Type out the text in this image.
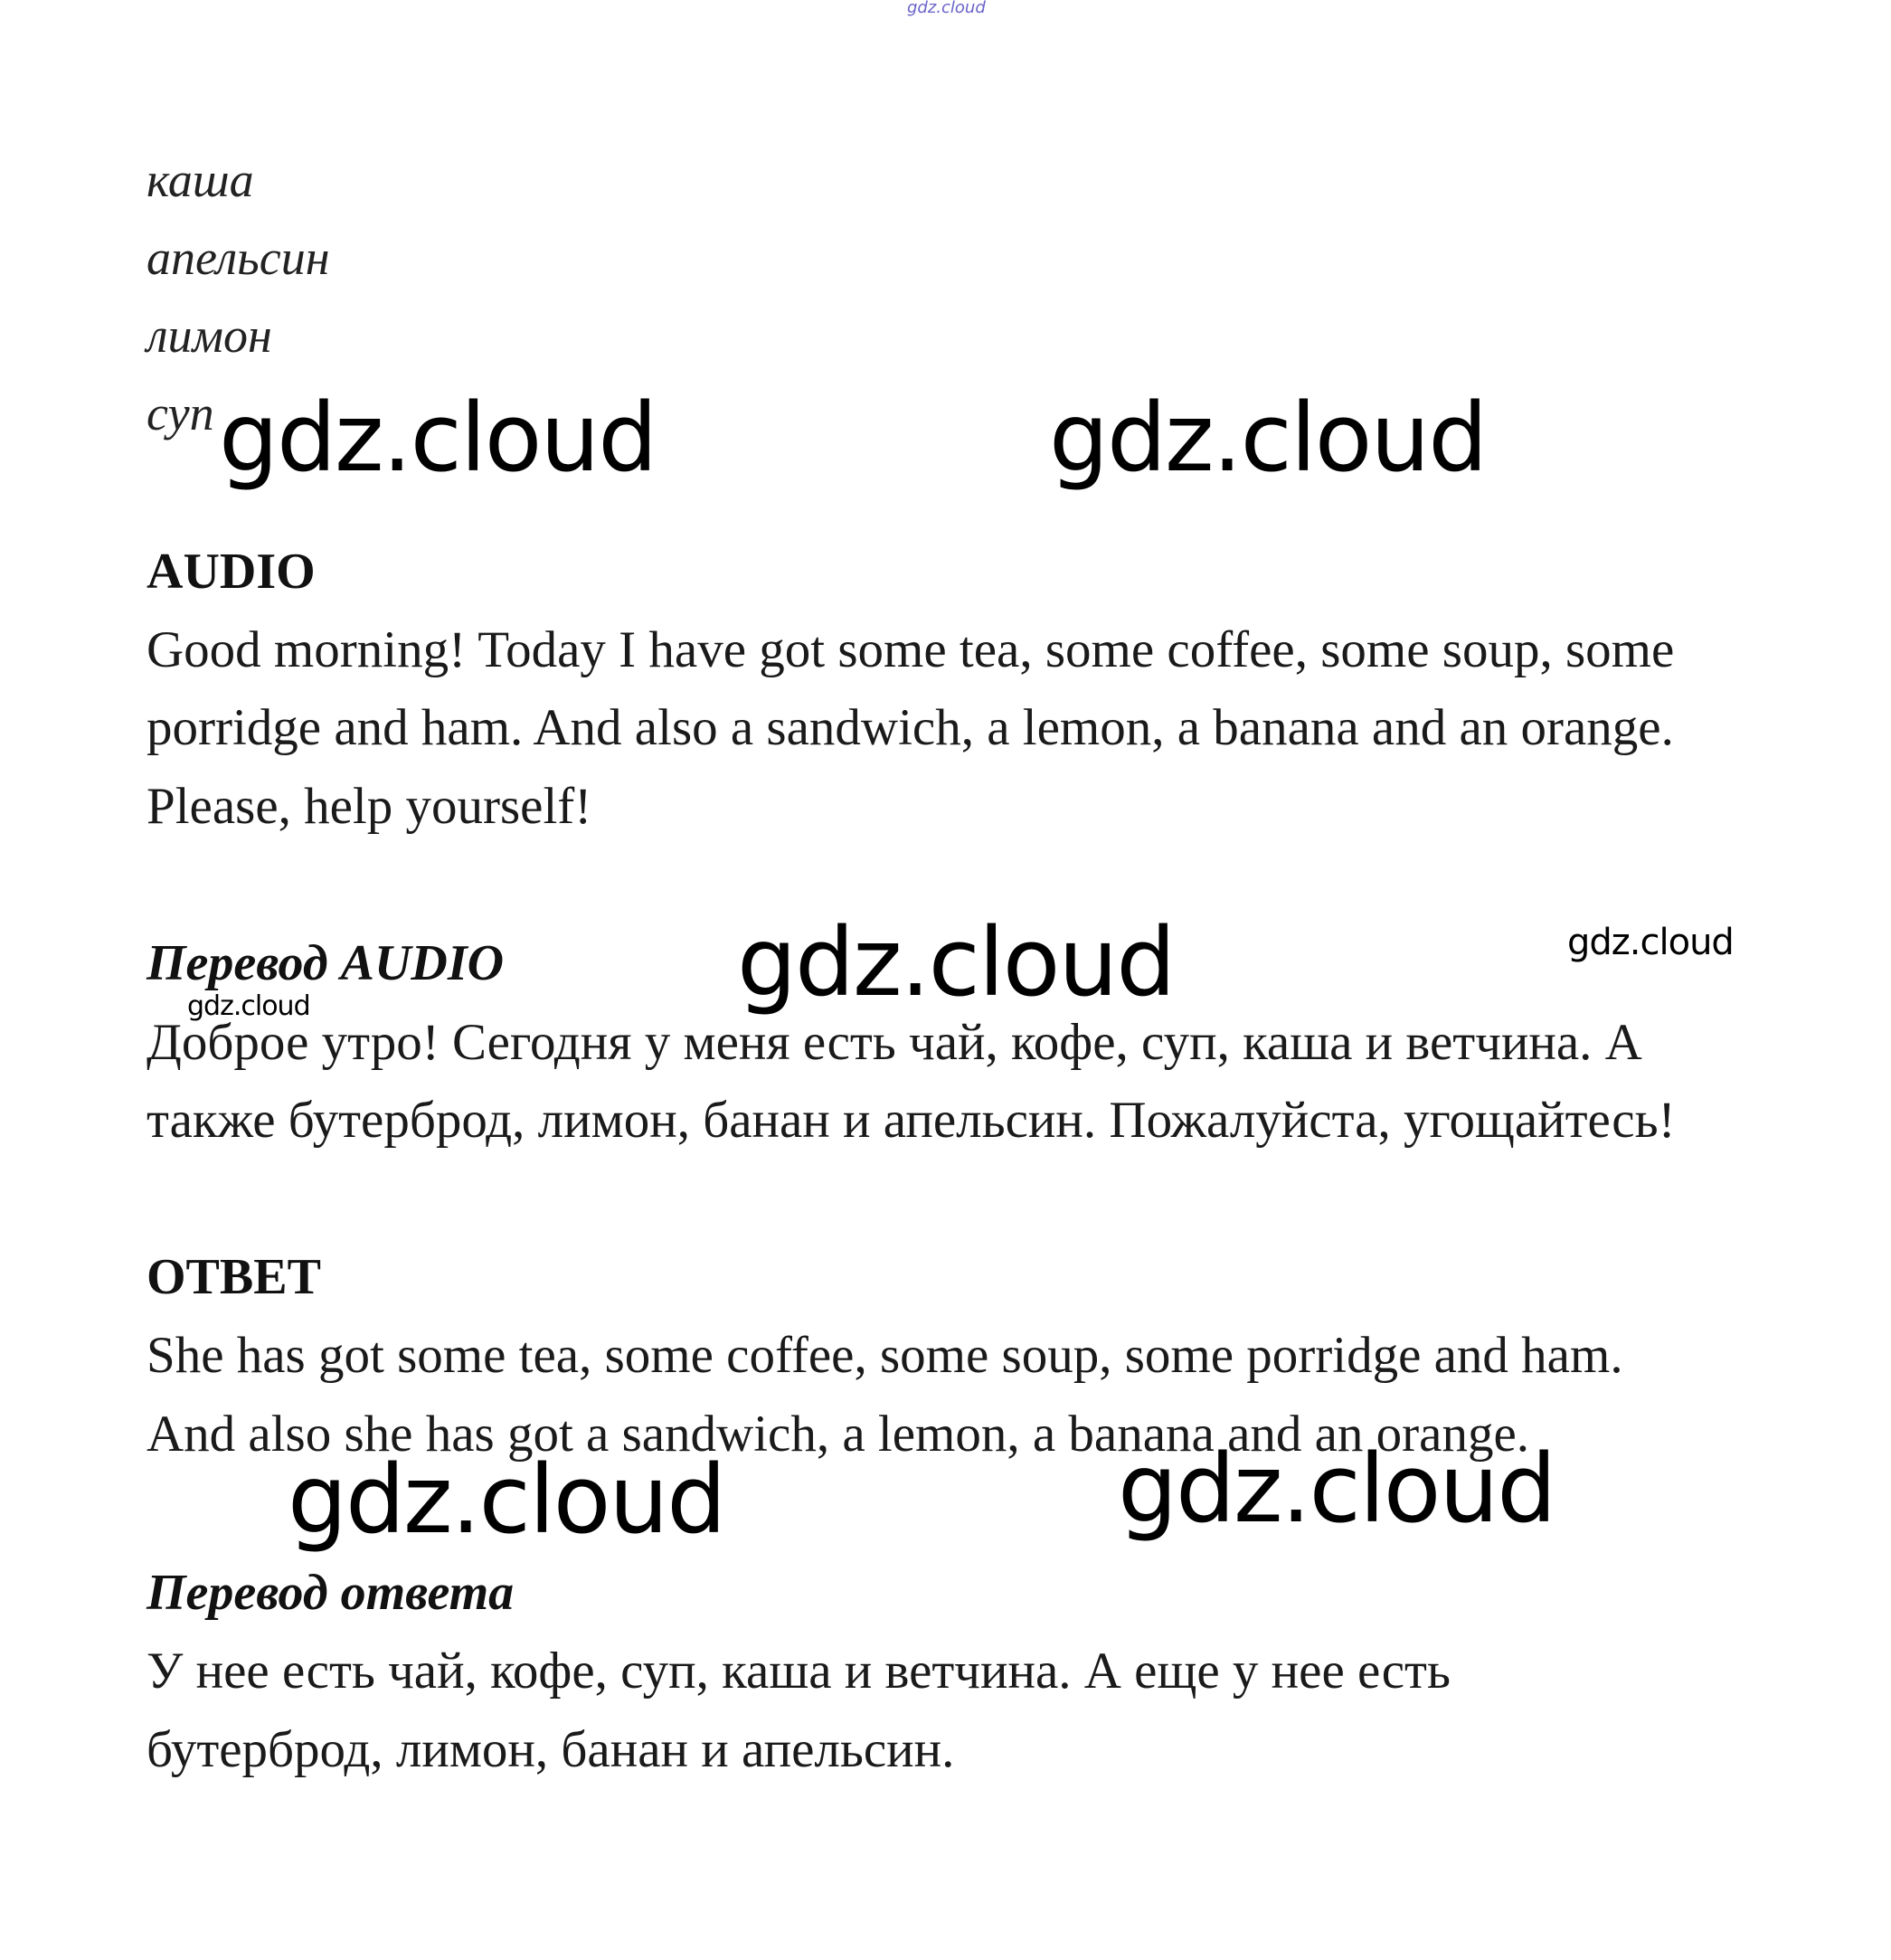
gdz.cloud

каша

апельсин

лимон

суп gdz.cloud	gdz.cloud

AUDIO

Good morning! Today I have got some tea, some coffee, some soup, some

porridge and ham. And also a sandwich, a lemon, a banana and an orange.

Please, help yourself!

Перевод AUDIO gdz.cloud	gdz.cloud
gdz.cloud

Доброе утро! Сегодня у меня есть чай, кофе, суп, каша и ветчина. А

также бутерброд, лимон, банан и апельсин. Пожалуйста, угощайтесь!

ОТВЕТ

She has got some tea, some coffee, some soup, some porridge and ham.

And also she has got a sandwich, a lemon, a banana and an orange.

gdz.cloud	gdz.cloud

Перевод ответа

У нее есть чай, кофе, суп, каша и ветчина. А еще у нее есть

бутерброд, лимон, банан и апельсин.
